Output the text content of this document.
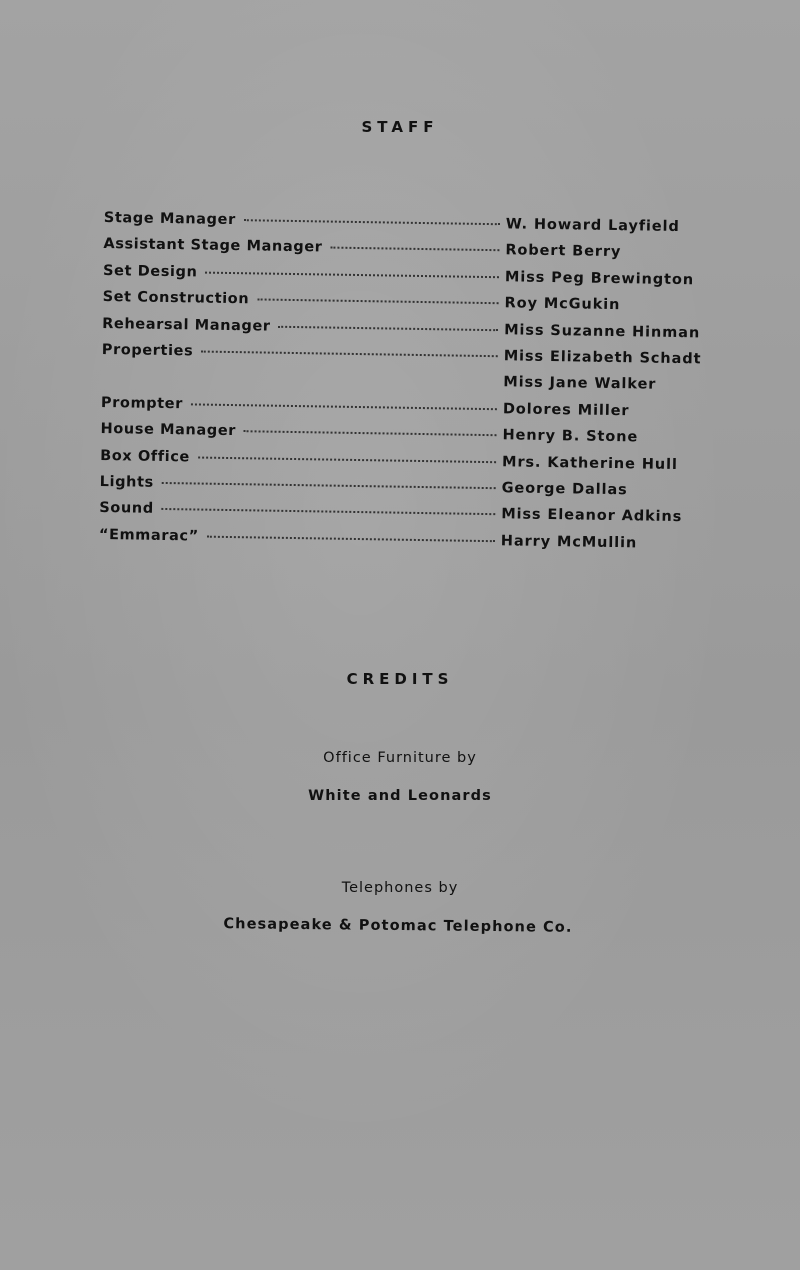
STAFF
Stage Manager	W. Howard Layfield
Assistant Stage Manager	Robert Berry
Set Design	Miss Peg Brewington
Set Construction	Roy McGukin
Rehearsal Manager	Miss Suzanne Hinman
Properties	Miss Elizabeth Schadt
Miss Jane Walker
Prompter	Dolores Miller
House Manager	Henry B. Stone
Box Office	Mrs. Katherine Hull
Lights	George Dallas
Sound	Miss Eleanor Adkins
“Emmarac”	Harry McMullin
CREDITS
Office Furniture by
White and Leonards
Telephones by
Chesapeake & Potomac Telephone Co.
